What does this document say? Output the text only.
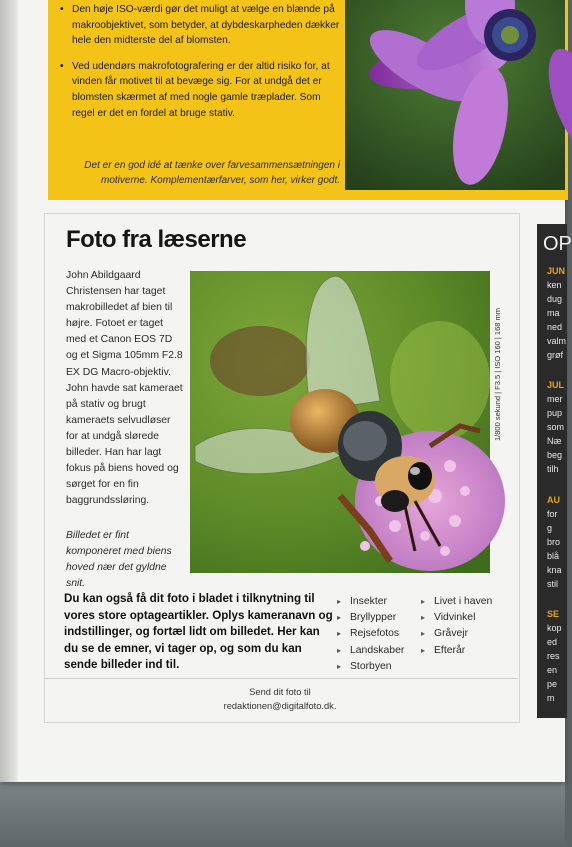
• Den høje ISO-værdi gør det muligt at vælge en blænde på makroobjektivet, som betyder, at dybdeskarpheden dækker hele den midterste del af blomsten.

• Ved udendørs makrofotografering er der altid risiko for, at vinden får motivet til at bevæge sig. For at undgå det er blomsten skærmet af med nogle gamle træplader. Som regel er det en fordel at bruge stativ.

Det er en god idé at tænke over farvesammensætningen i motiverne. Komplementærfarver, som her, virker godt.
Foto fra læserne

John Abildgaard Christensen har taget makrobilledet af bien til højre. Fotoet er taget med et Canon EOS 7D og et Sigma 105mm F2.8 EX DG Macro-objektiv. John havde sat kameraet på stativ og brugt kameraets selvudløser for at undgå slørede billeder. Han har lagt fokus på biens hoved og sørget for en fin baggrundssløring.

Billedet er fint komponeret med biens hoved nær det gyldne snit.

1/800 sekund | F3.5 | ISO 160 | 168 mm

Du kan også få dit foto i bladet i tilknytning til vores store optageartikler. Oplys kameranavn og indstillinger, og fortæl lidt om billedet. Her kan du se de emner, vi tager op, og som du kan sende billeder ind til.

▸ Insekter
▸ Bryllypper
▸ Rejsefotos
▸ Landskaber
▸ Storbyen
▸ Livet i haven
▸ Vidvinkel
▸ Gråvejr
▸ Efterår
Send dit foto til
redaktionen@digitalfoto.dk.
OP
JUN
ken
dug
ma
ned
valm
grøf
JUL
mer
pup
som
Næ
beg
tilh
AU
for
g
bro
blå
kna
stil
SE
kop
ed
res
en
pe
m
